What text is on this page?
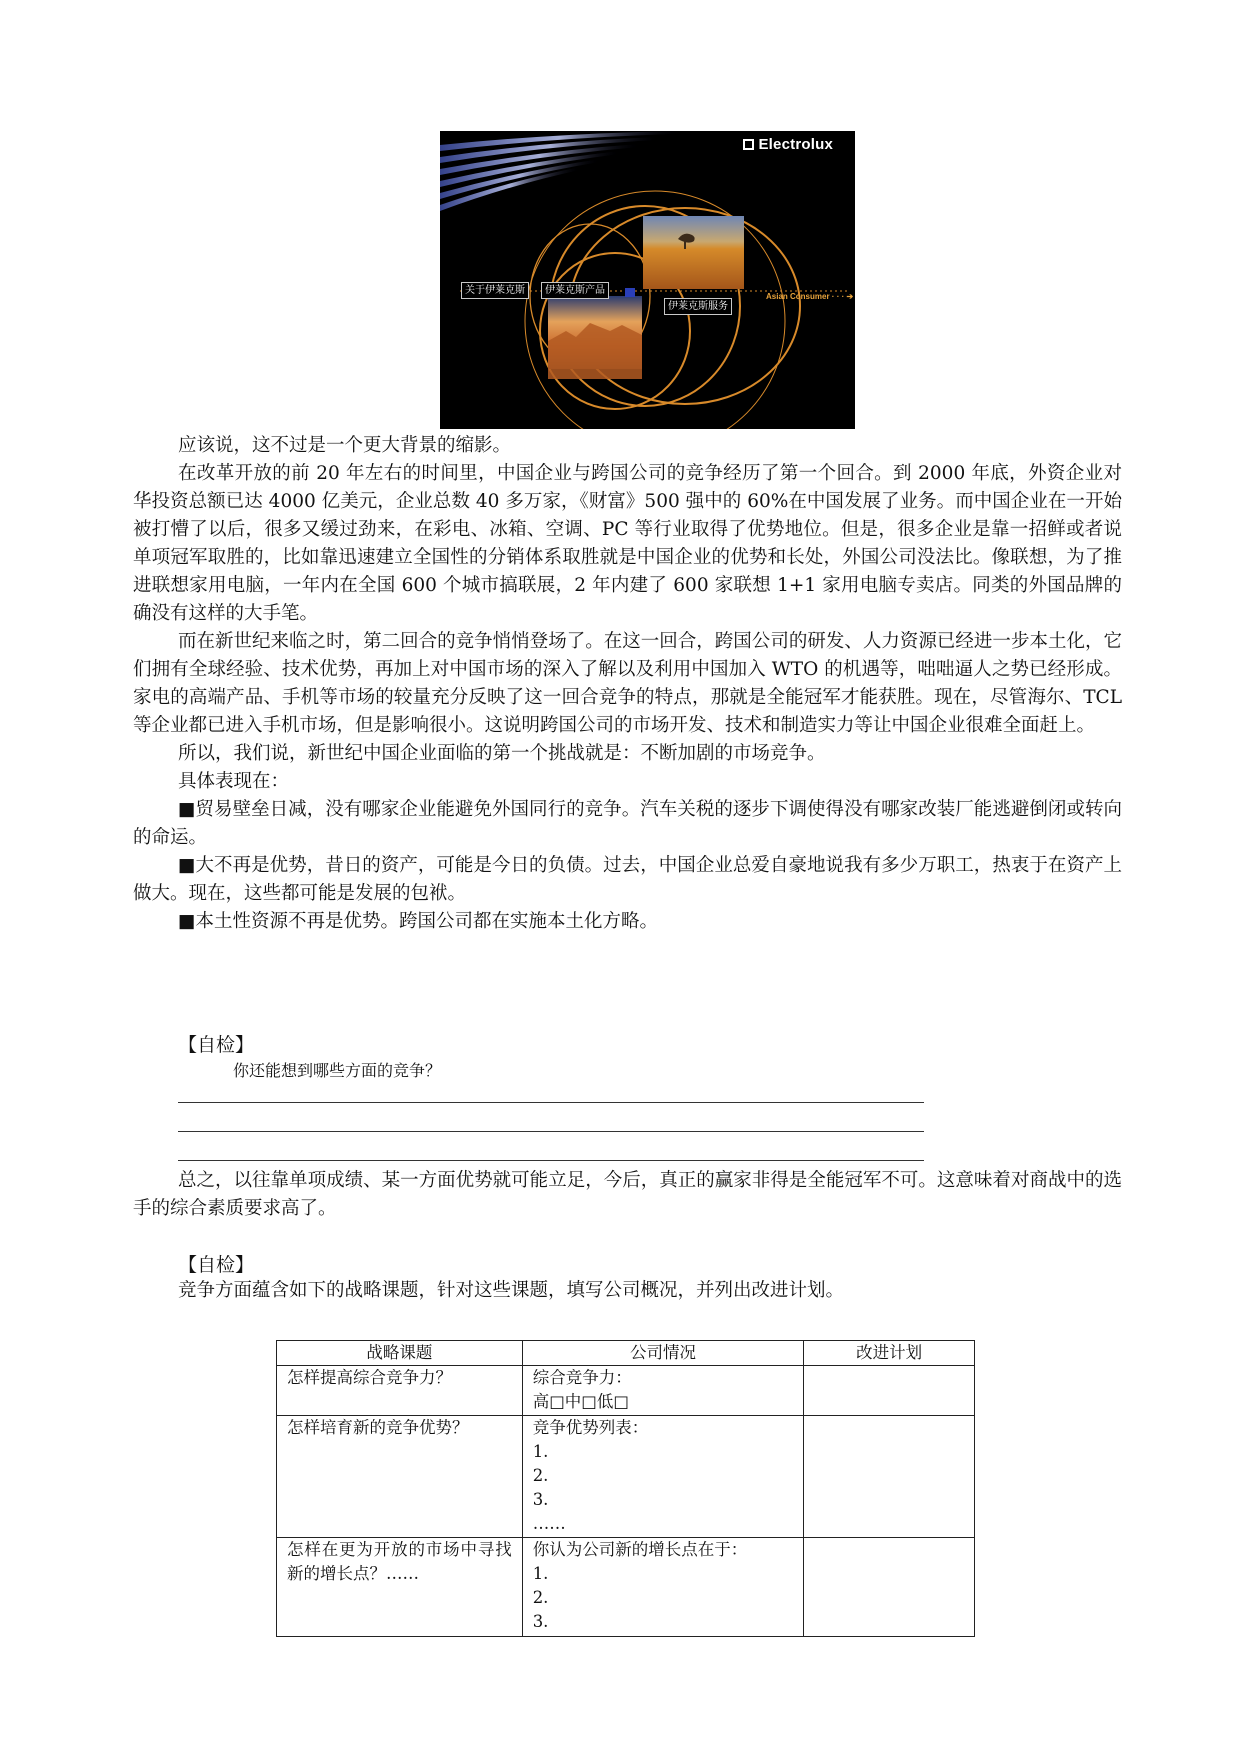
Electrolux
关于伊莱克斯	伊莱克斯产品
伊莱克斯服务
Asian Consumer · · · ➔

应该说，这不过是一个更大背景的缩影。

在改革开放的前 20 年左右的时间里，中国企业与跨国公司的竞争经历了第一个回合。到 2000 年底，外资企业对华投资总额已达 4000 亿美元，企业总数 40 多万家，《财富》500 强中的 60%在中国发展了业务。而中国企业在一开始被打懵了以后，很多又缓过劲来，在彩电、冰箱、空调、PC 等行业取得了优势地位。但是，很多企业是靠一招鲜或者说单项冠军取胜的，比如靠迅速建立全国性的分销体系取胜就是中国企业的优势和长处，外国公司没法比。像联想，为了推进联想家用电脑，一年内在全国 600 个城市搞联展，2 年内建了 600 家联想 1+1 家用电脑专卖店。同类的外国品牌的确没有这样的大手笔。

而在新世纪来临之时，第二回合的竞争悄悄登场了。在这一回合，跨国公司的研发、人力资源已经进一步本土化，它们拥有全球经验、技术优势，再加上对中国市场的深入了解以及利用中国加入 WTO 的机遇等，咄咄逼人之势已经形成。家电的高端产品、手机等市场的较量充分反映了这一回合竞争的特点，那就是全能冠军才能获胜。现在，尽管海尔、TCL 等企业都已进入手机市场，但是影响很小。这说明跨国公司的市场开发、技术和制造实力等让中国企业很难全面赶上。

所以，我们说，新世纪中国企业面临的第一个挑战就是：不断加剧的市场竞争。

具体表现在：

■贸易壁垒日减，没有哪家企业能避免外国同行的竞争。汽车关税的逐步下调使得没有哪家改装厂能逃避倒闭或转向的命运。

■大不再是优势，昔日的资产，可能是今日的负债。过去，中国企业总爱自豪地说我有多少万职工，热衷于在资产上做大。现在，这些都可能是发展的包袱。

■本土性资源不再是优势。跨国公司都在实施本土化方略。

【自检】
你还能想到哪些方面的竞争？

总之，以往靠单项成绩、某一方面优势就可能立足，今后，真正的赢家非得是全能冠军不可。这意味着对商战中的选手的综合素质要求高了。

【自检】

竞争方面蕴含如下的战略课题，针对这些课题，填写公司概况，并列出改进计划。

战略课题	公司情况	改进计划
怎样提高综合竞争力？	综合竞争力：
高□中□低□	

怎样培育新的竞争优势？	竞争优势列表：
1.
2.
3.
……	

怎样在更为开放的市场中寻找新的增长点？……	你认为公司新的增长点在于：
1.
2.
3.	
